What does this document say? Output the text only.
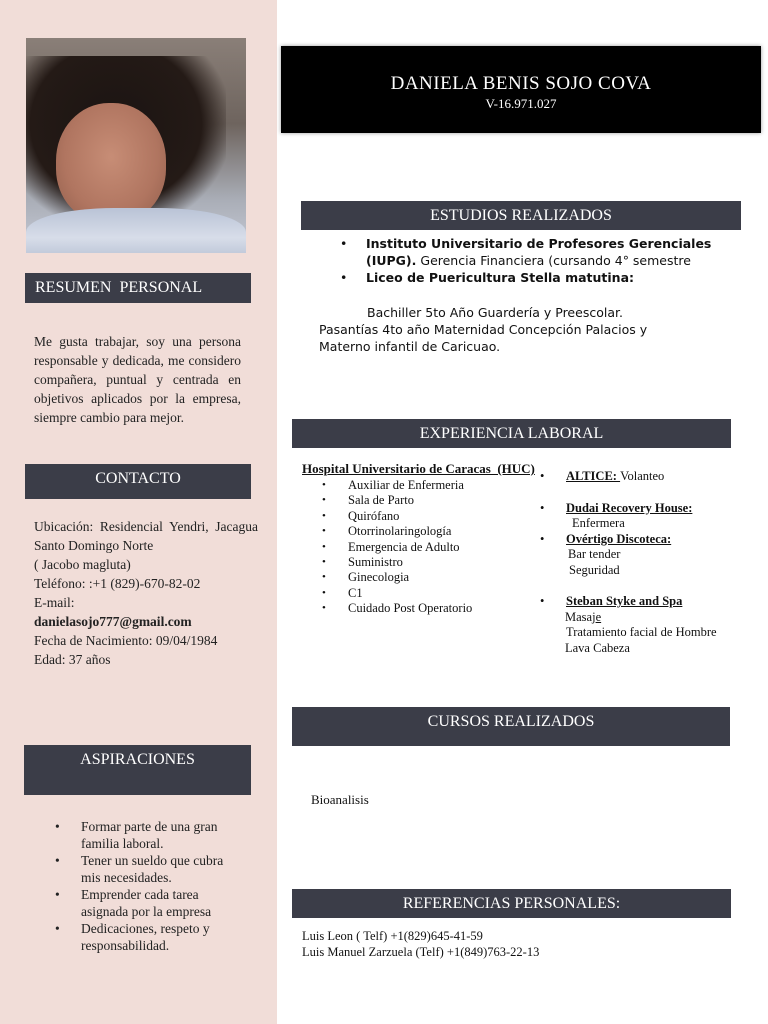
RESUMEN  PERSONAL
Me gusta trabajar, soy una persona responsable y dedicada, me considero compañera, puntual y centrada en objetivos aplicados por la empresa, siempre cambio para mejor.
CONTACTO
Ubicación: Residencial Yendri, Jacagua Santo Domingo Norte
( Jacobo magluta)
Teléfono: :+1 (829)-670-82-02
E-mail:
danielasojo777@gmail.com
Fecha de Nacimiento: 09/04/1984
Edad: 37 años
ASPIRACIONES
• Formar parte de una gran familia laboral.
• Tener un sueldo que cubra mis necesidades.
• Emprender cada tarea asignada por la empresa
• Dedicaciones, respeto y responsabilidad.
DANIELA BENIS SOJO COVA
V-16.971.027
ESTUDIOS REALIZADOS
• Instituto Universitario de Profesores Gerenciales (IUPG). Gerencia Financiera (cursando 4° semestre
• Liceo de Puericultura Stella matutina:
Bachiller 5to Año Guardería y Preescolar.
Pasantías 4to año Maternidad Concepción Palacios y Materno infantil de Caricuao.
EXPERIENCIA LABORAL
Hospital Universitario de Caracas  (HUC)
• Auxiliar de Enfermeria
• Sala de Parto
• Quirófano
• Otorrinolaringología
• Emergencia de Adulto
• Suministro
• Ginecologia
• C1
• Cuidado Post Operatorio
• ALTICE: Volanteo
• Dudai Recovery House:
Enfermera
• Ovértigo Discoteca:
Bar tender
Seguridad
• Steban Styke and Spa
Masaje
Tratamiento facial de Hombre
Lava Cabeza
CURSOS REALIZADOS
Bioanalisis
REFERENCIAS PERSONALES:
Luis Leon ( Telf) +1(829)645-41-59
Luis Manuel Zarzuela (Telf) +1(849)763-22-13
